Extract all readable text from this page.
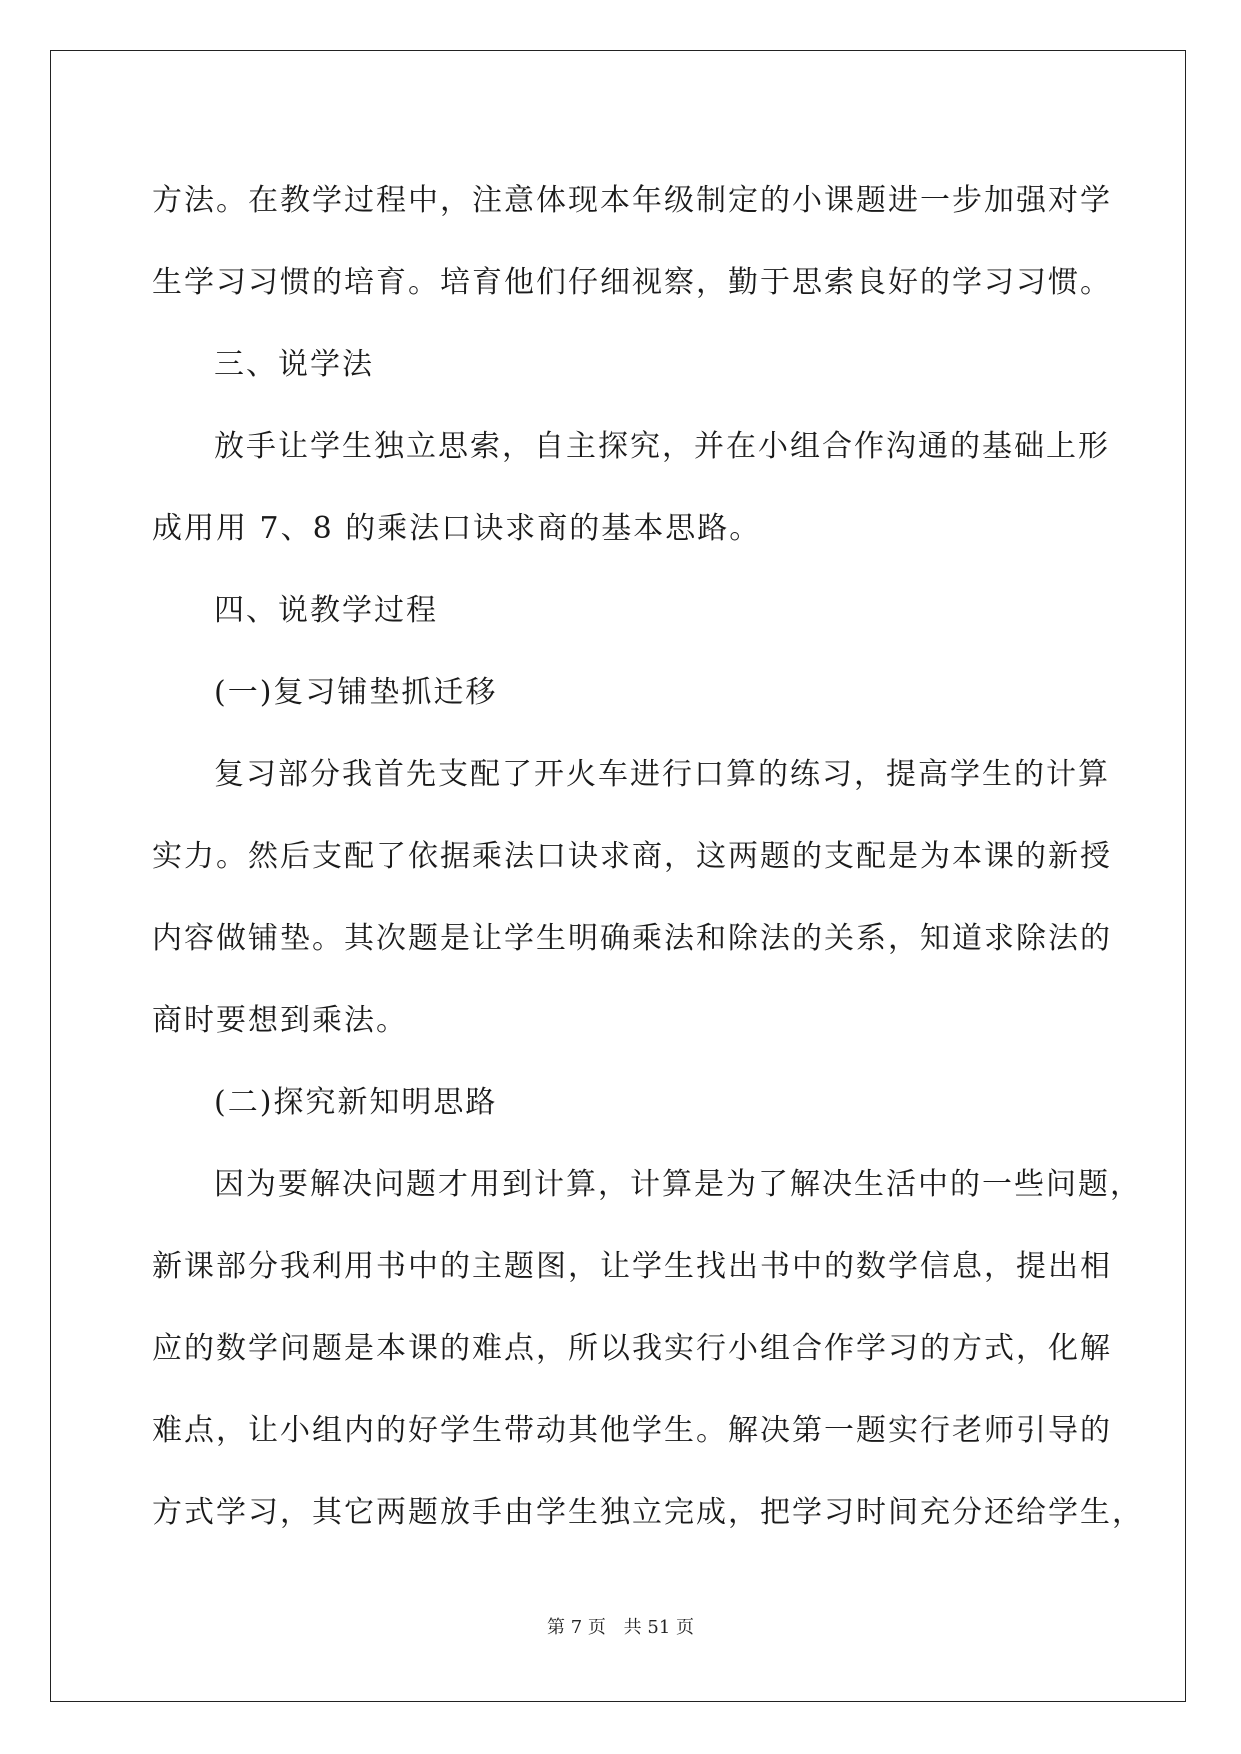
方法。在教学过程中，注意体现本年级制定的小课题进一步加强对学
生学习习惯的培育。培育他们仔细视察，勤于思索良好的学习习惯。
三、说学法
放手让学生独立思索，自主探究，并在小组合作沟通的基础上形
成用用 7、8 的乘法口诀求商的基本思路。
四、说教学过程
(一)复习铺垫抓迁移
复习部分我首先支配了开火车进行口算的练习，提高学生的计算
实力。然后支配了依据乘法口诀求商，这两题的支配是为本课的新授
内容做铺垫。其次题是让学生明确乘法和除法的关系，知道求除法的
商时要想到乘法。
(二)探究新知明思路
因为要解决问题才用到计算，计算是为了解决生活中的一些问题，
新课部分我利用书中的主题图，让学生找出书中的数学信息，提出相
应的数学问题是本课的难点，所以我实行小组合作学习的方式，化解
难点，让小组内的好学生带动其他学生。解决第一题实行老师引导的
方式学习，其它两题放手由学生独立完成，把学习时间充分还给学生，
第 7 页 共 51 页
